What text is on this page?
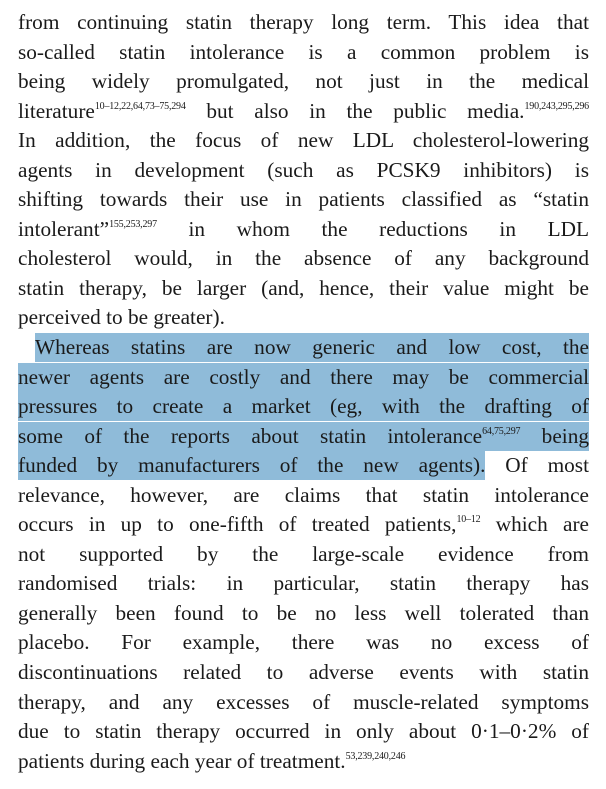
from continuing statin therapy long term. This idea that
so-called statin intolerance is a common problem is
being widely promulgated, not just in the medical
literature$^{10-12,22,64,73-75,294}$ but also in the public media.$^{190,243,295,296}$
In addition, the focus of new LDL cholesterol-lowering
agents in development (such as PCSK9 inhibitors) is
shifting towards their use in patients classified as “statin
intolerant”$^{155,253,297}$ in whom the reductions in LDL
cholesterol would, in the absence of any background
statin therapy, be larger (and, hence, their value might be
perceived to be greater).
Whereas statins are now generic and low cost, the
newer agents are costly and there may be commercial
pressures to create a market (eg, with the drafting of
some of the reports about statin intolerance$^{64,75,297}$ being
funded by manufacturers of the new agents). Of most
relevance, however, are claims that statin intolerance
occurs in up to one-fifth of treated patients,$^{10-12}$ which are
not supported by the large-scale evidence from
randomised trials: in particular, statin therapy has
generally been found to be no less well tolerated than
placebo. For example, there was no excess of
discontinuations related to adverse events with statin
therapy, and any excesses of muscle-related symptoms
due to statin therapy occurred in only about 0·1–0·2% of
patients during each year of treatment.$^{53,239,240,246}$
